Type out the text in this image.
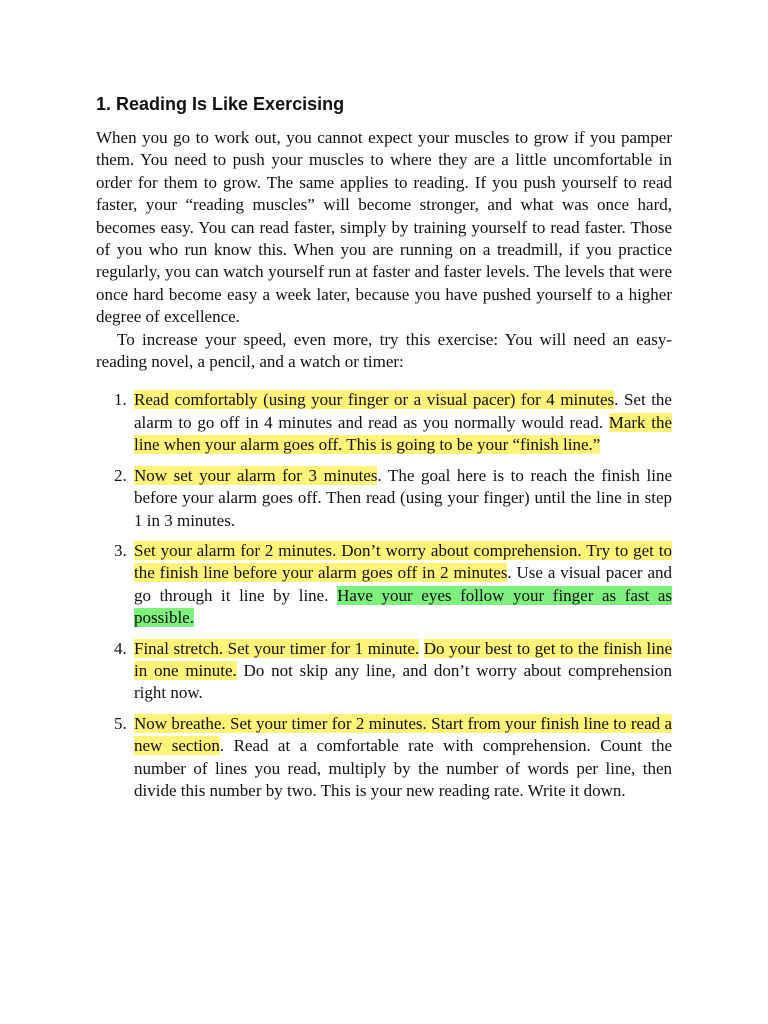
1. Reading Is Like Exercising

When you go to work out, you cannot expect your muscles to grow if you pamper them. You need to push your muscles to where they are a little uncomfortable in order for them to grow. The same applies to reading. If you push yourself to read faster, your “reading muscles” will become stronger, and what was once hard, becomes easy. You can read faster, simply by training yourself to read faster. Those of you who run know this. When you are running on a treadmill, if you practice regularly, you can watch yourself run at faster and faster levels. The levels that were once hard become easy a week later, because you have pushed yourself to a higher degree of excellence.

To increase your speed, even more, try this exercise: You will need an easy-reading novel, a pencil, and a watch or timer:

1. Read comfortably (using your finger or a visual pacer) for 4 minutes. Set the alarm to go off in 4 minutes and read as you normally would read. Mark the line when your alarm goes off. This is going to be your “finish line.”
2. Now set your alarm for 3 minutes. The goal here is to reach the finish line before your alarm goes off. Then read (using your finger) until the line in step 1 in 3 minutes.
3. Set your alarm for 2 minutes. Don’t worry about comprehension. Try to get to the finish line before your alarm goes off in 2 minutes. Use a visual pacer and go through it line by line. Have your eyes follow your finger as fast as possible.
4. Final stretch. Set your timer for 1 minute. Do your best to get to the finish line in one minute. Do not skip any line, and don’t worry about comprehension right now.
5. Now breathe. Set your timer for 2 minutes. Start from your finish line to read a new section. Read at a comfortable rate with comprehension. Count the number of lines you read, multiply by the number of words per line, then divide this number by two. This is your new reading rate. Write it down.
